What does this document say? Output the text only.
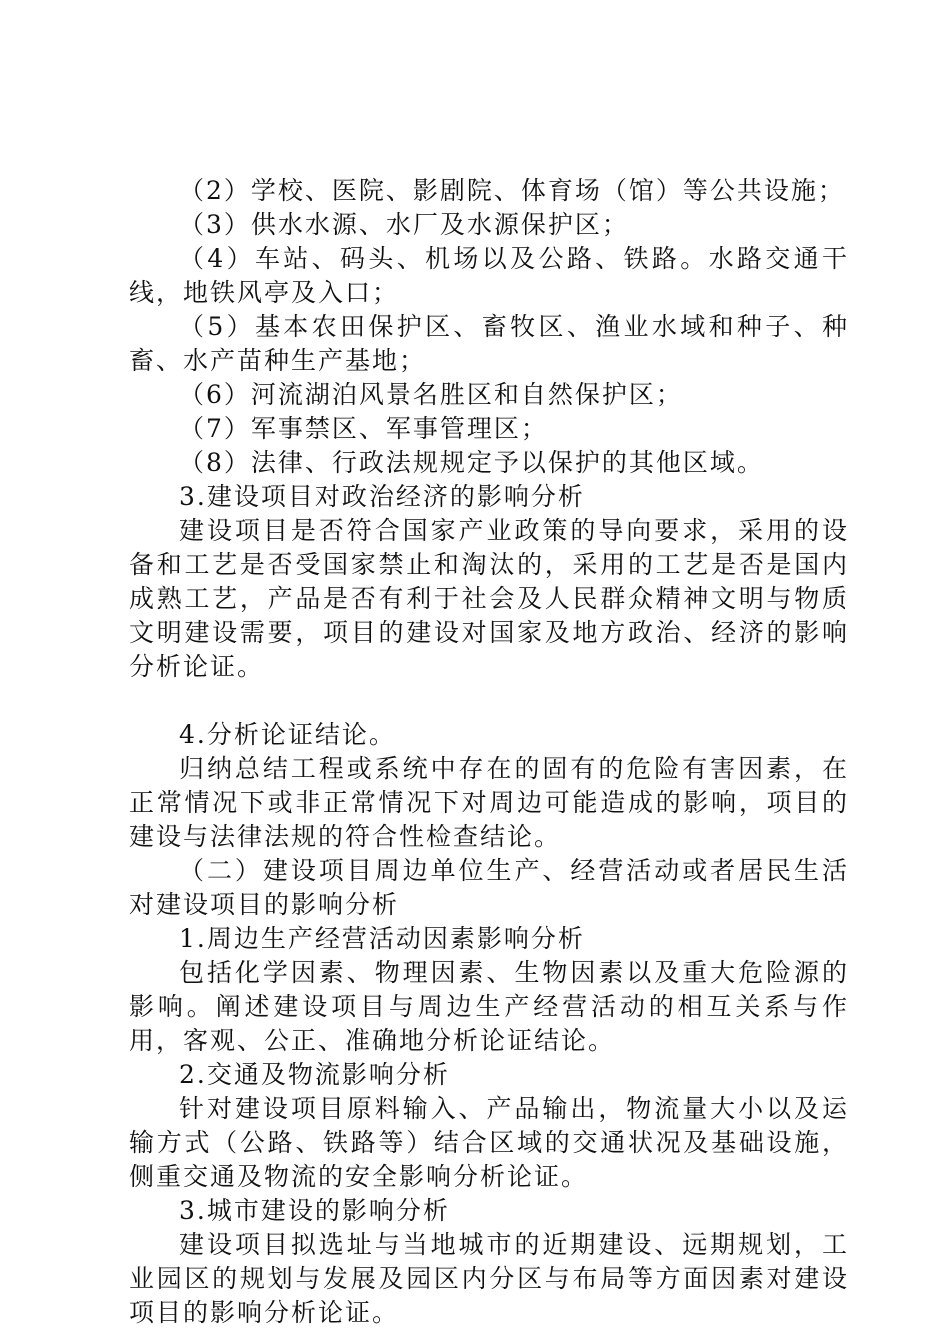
（2）学校、医院、影剧院、体育场（馆）等公共设施；

（3）供水水源、水厂及水源保护区；

（4）车站、码头、机场以及公路、铁路。水路交通干线，地铁风亭及入口；

（5）基本农田保护区、畜牧区、渔业水域和种子、种畜、水产苗种生产基地；

（6）河流湖泊风景名胜区和自然保护区；

（7）军事禁区、军事管理区；

（8）法律、行政法规规定予以保护的其他区域。

3.建设项目对政治经济的影响分析

建设项目是否符合国家产业政策的导向要求，采用的设备和工艺是否受国家禁止和淘汰的，采用的工艺是否是国内成熟工艺，产品是否有利于社会及人民群众精神文明与物质文明建设需要，项目的建设对国家及地方政治、经济的影响分析论证。

4.分析论证结论。

归纳总结工程或系统中存在的固有的危险有害因素，在正常情况下或非正常情况下对周边可能造成的影响，项目的建设与法律法规的符合性检查结论。

（二）建设项目周边单位生产、经营活动或者居民生活对建设项目的影响分析

1.周边生产经营活动因素影响分析

包括化学因素、物理因素、生物因素以及重大危险源的影响。阐述建设项目与周边生产经营活动的相互关系与作用，客观、公正、准确地分析论证结论。

2.交通及物流影响分析

针对建设项目原料输入、产品输出，物流量大小以及运输方式（公路、铁路等）结合区域的交通状况及基础设施，侧重交通及物流的安全影响分析论证。

3.城市建设的影响分析

建设项目拟选址与当地城市的近期建设、远期规划，工业园区的规划与发展及园区内分区与布局等方面因素对建设项目的影响分析论证。
